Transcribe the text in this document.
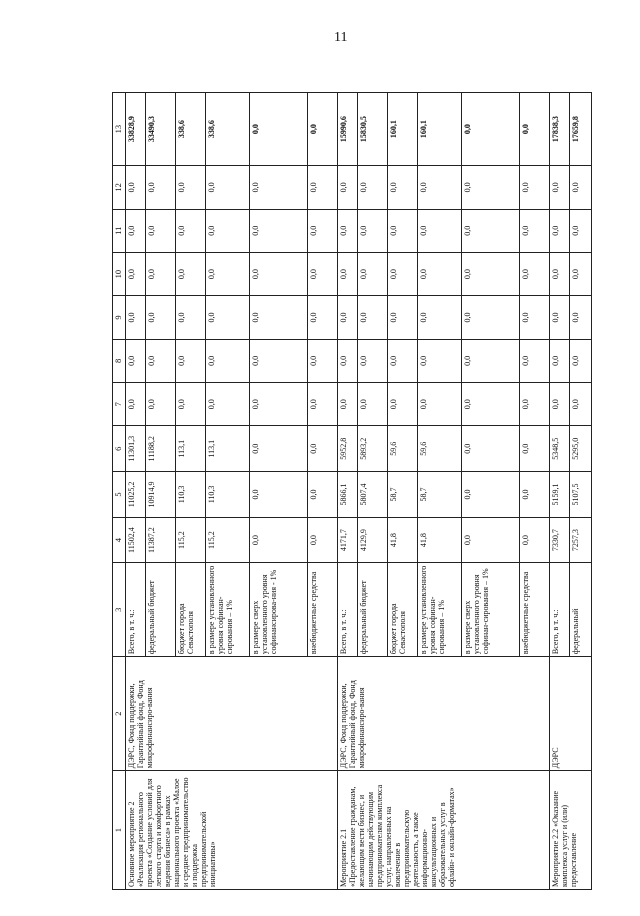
11
1	2	3	4	5	6	7	8	9	10	11	12	13
Основное мероприятие 2 «Реализация регионального проекта «Создание условий для легкого старта и комфортного ведения бизнеса» в рамках национального проекта «Малое и среднее предпринимательство и поддержка предпринимательской инициативы»	ДЭРС, Фонд поддержки, Гарантийный фонд, Фонд микрофинансиро-вания	Всего, в т. ч.:	11502,4	11025,2	11301,3	0,0	0,0	0,0	0,0	0,0	0,0	33828,9
		федеральный бюджет	11387,2	10914,9	11188,2	0,0	0,0	0,0	0,0	0,0	0,0	33490,3
		бюджет города Севастополя	115,2	110,3	113,1	0,0	0,0	0,0	0,0	0,0	0,0	338,6
		в размере установленного уровня софинан-сирования – 1%	115,2	110,3	113,1	0,0	0,0	0,0	0,0	0,0	0,0	338,6
		в размере сверх установленного уровня софинансирова-ния - 1%	0,0	0,0	0,0	0,0	0,0	0,0	0,0	0,0	0,0	0,0
		внебюджетные средства	0,0	0,0	0,0	0,0	0,0	0,0	0,0	0,0	0,0	0,0
Мероприятие 2.1 «Предоставление гражданам, желающим вести бизнес, и начинающим действующим предпринимателям комплекса услуг, направленных на вовлечение в предпринимательскую деятельность, а также информационно-консультационных и образовательных услуг в офлайн- и онлайн-форматах»	ДЭРС, Фонд поддержки, Гарантийный фонд, Фонд микрофинансиро-вания	Всего, в т. ч.:	4171,7	5866,1	5952,8	0,0	0,0	0,0	0,0	0,0	0,0	15990,6
		федеральный бюджет	4129,9	5807,4	5893,2	0,0	0,0	0,0	0,0	0,0	0,0	15830,5
		бюджет города Севастополя	41,8	58,7	59,6	0,0	0,0	0,0	0,0	0,0	0,0	160,1
		в размере установленного уровня софинан-сирования – 1%	41,8	58,7	59,6	0,0	0,0	0,0	0,0	0,0	0,0	160,1
		в размере сверх установленного уровня софинан-сирования – 1%	0,0	0,0	0,0	0,0	0,0	0,0	0,0	0,0	0,0	0,0
		внебюджетные средства	0,0	0,0	0,0	0,0	0,0	0,0	0,0	0,0	0,0	0,0
Мероприятие 2.2 «Оказание комплекса услуг и (или) предоставление	ДЭРС	Всего, в т. ч.:	7330,7	5159,1	5348,5	0,0	0,0	0,0	0,0	0,0	0,0	17838,3
		федеральный	7257,3	5107,5	5295,0	0,0	0,0	0,0	0,0	0,0	0,0	17659,8
